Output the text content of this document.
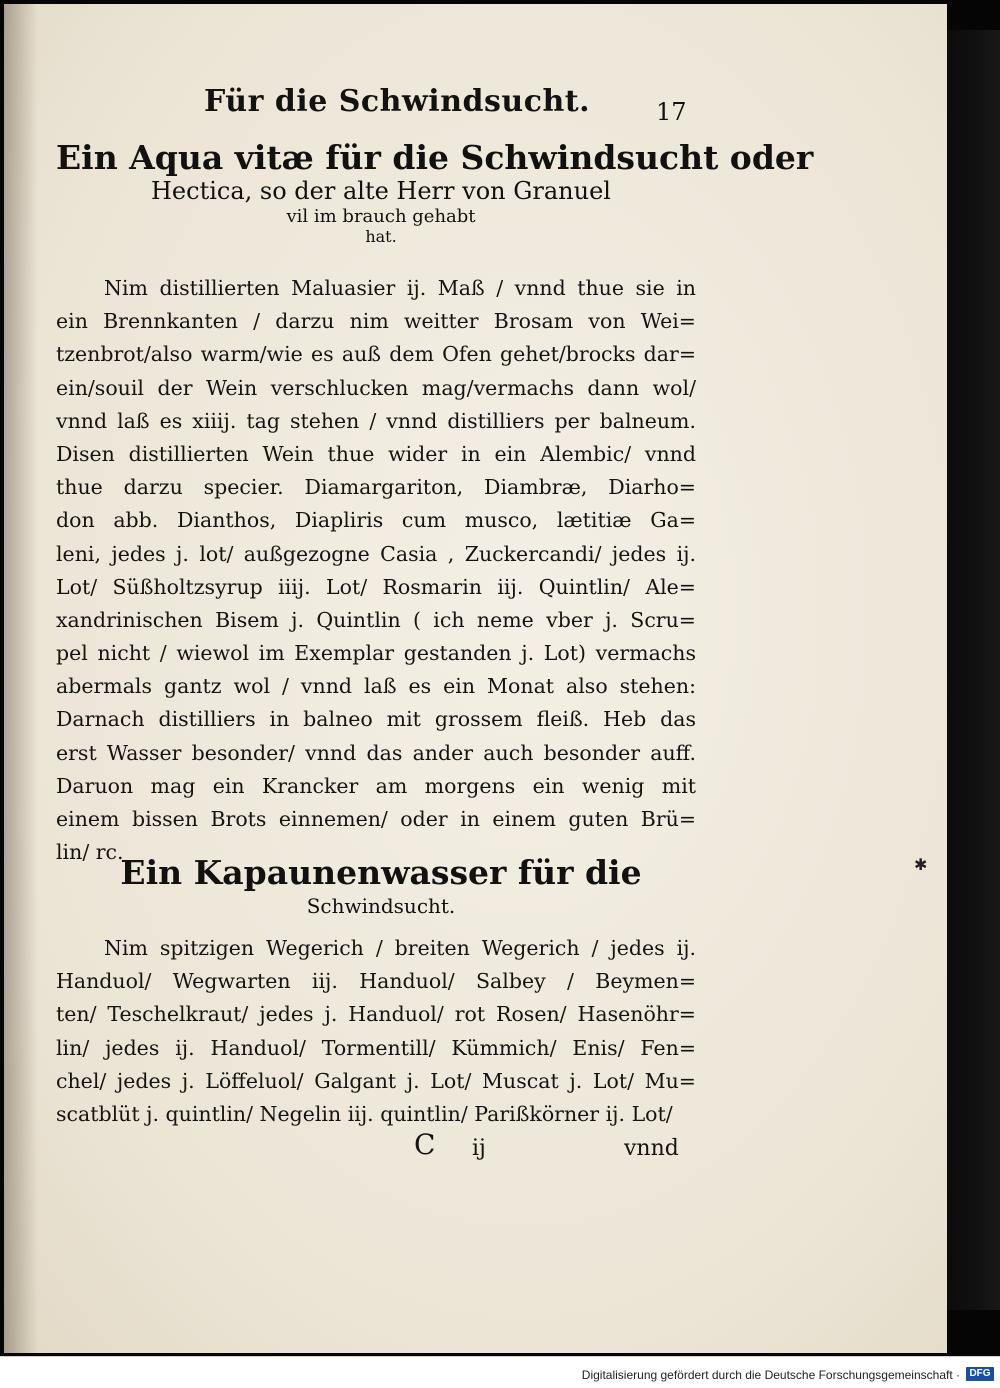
Für die Schwindsucht.	17
Ein Aqua vitæ für die Schwindsucht oder
Hectica, so der alte Herr von Granuel
vil im brauch gehabt
hat.
Nim distillierten Maluasier ij. Maß / vnnd thue sie in
ein Brennkanten / darzu nim weitter Brosam von Wei=
tzenbrot/also warm/wie es auß dem Ofen gehet/brocks dar=
ein/souil der Wein verschlucken mag/vermachs dann wol/
vnnd laß es xiiij. tag stehen / vnnd distilliers per balneum.
Disen distillierten Wein thue wider in ein Alembic/ vnnd
thue darzu specier. Diamargariton, Diambræ, Diarho=
don abb. Dianthos, Diapliris cum musco, lætitiæ Ga=
leni, jedes j. lot/ außgezogne Casia , Zuckercandi/ jedes ij.
Lot/ Süßholtzsyrup iiij. Lot/ Rosmarin iij. Quintlin/ Ale=
xandrinischen Bisem j. Quintlin ( ich neme vber j. Scru=
pel nicht / wiewol im Exemplar gestanden j. Lot) vermachs
abermals gantz wol / vnnd laß es ein Monat also stehen:
Darnach distilliers in balneo mit grossem fleiß. Heb das
erst Wasser besonder/ vnnd das ander auch besonder auff.
Daruon mag ein Krancker am morgens ein wenig mit
einem bissen Brots einnemen/ oder in einem guten Brü=
lin/ rc.
Ein Kapaunenwasser für die
Schwindsucht.
Nim spitzigen Wegerich / breiten Wegerich / jedes ij.
Handuol/ Wegwarten iij. Handuol/ Salbey / Beymen=
ten/ Teschelkraut/ jedes j. Handuol/ rot Rosen/ Hasenöhr=
lin/ jedes ij. Handuol/ Tormentill/ Kümmich/ Enis/ Fen=
chel/ jedes j. Löffeluol/ Galgant j. Lot/ Muscat j. Lot/ Mu=
scatblüt j. quintlin/ Negelin iij. quintlin/ Parißkörner ij. Lot/
C ij	vnnd
✱
Digitalisierung gefördert durch die Deutsche Forschungsgemeinschaft · DFG
